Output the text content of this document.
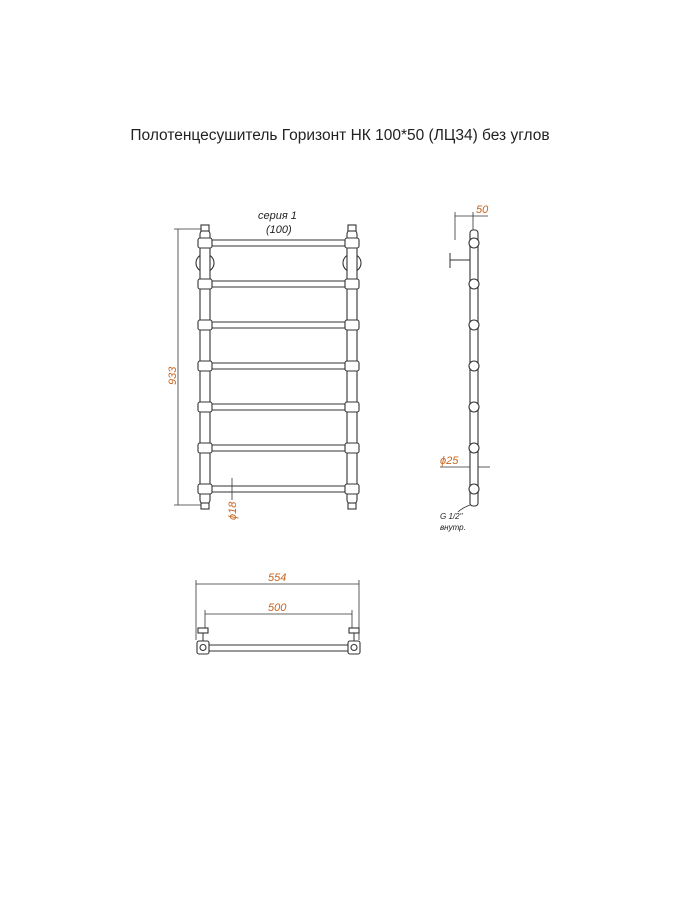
Полотенцесушитель Горизонт НК 100*50 (ЛЦ34) без углов
серия 1
(100)
933
ϕ18
50
ϕ25
G 1/2"
внутр.
554
500
